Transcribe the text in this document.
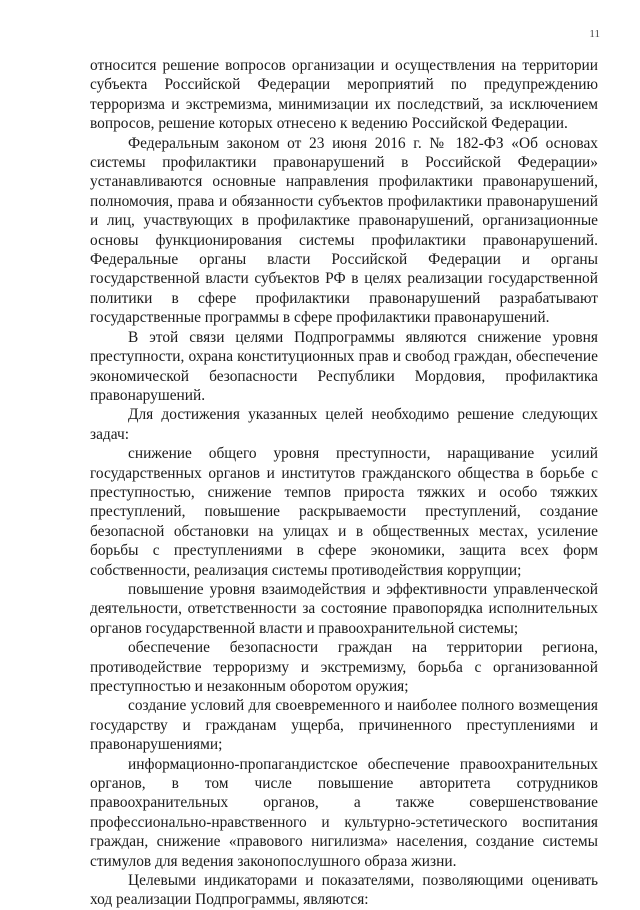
11

относится решение вопросов организации и осуществления на территории субъекта Российской Федерации мероприятий по предупреждению терроризма и экстремизма, минимизации их последствий, за исключением вопросов, решение которых отнесено к ведению Российской Федерации.

Федеральным законом от 23 июня 2016 г. № 182-ФЗ «Об основах системы профилактики правонарушений в Российской Федерации» устанавливаются основные направления профилактики правонарушений, полномочия, права и обязанности субъектов профилактики правонарушений и лиц, участвующих в профилактике правонарушений, организационные основы функционирования системы профилактики правонарушений. Федеральные органы власти Российской Федерации и органы государственной власти субъектов РФ в целях реализации государственной политики в сфере профилактики правонарушений разрабатывают государственные программы в сфере профилактики правонарушений.

В этой связи целями Подпрограммы являются снижение уровня преступности, охрана конституционных прав и свобод граждан, обеспечение экономической безопасности Республики Мордовия, профилактика правонарушений.

Для достижения указанных целей необходимо решение следующих задач:

снижение общего уровня преступности, наращивание усилий государственных органов и институтов гражданского общества в борьбе с преступностью, снижение темпов прироста тяжких и особо тяжких преступлений, повышение раскрываемости преступлений, создание безопасной обстановки на улицах и в общественных местах, усиление борьбы с преступлениями в сфере экономики, защита всех форм собственности, реализация системы противодействия коррупции;

повышение уровня взаимодействия и эффективности управленческой деятельности, ответственности за состояние правопорядка исполнительных органов государственной власти и правоохранительной системы;

обеспечение безопасности граждан на территории региона, противодействие терроризму и экстремизму, борьба с организованной преступностью и незаконным оборотом оружия;

создание условий для своевременного и наиболее полного возмещения государству и гражданам ущерба, причиненного преступлениями и правонарушениями;

информационно-пропагандистское обеспечение правоохранительных органов, в том числе повышение авторитета сотрудников правоохранительных органов, а также совершенствование профессионально-нравственного и культурно-эстетического воспитания граждан, снижение «правового нигилизма» населения, создание системы стимулов для ведения законопослушного образа жизни.

Целевыми индикаторами и показателями, позволяющими оценивать ход реализации Подпрограммы, являются:
